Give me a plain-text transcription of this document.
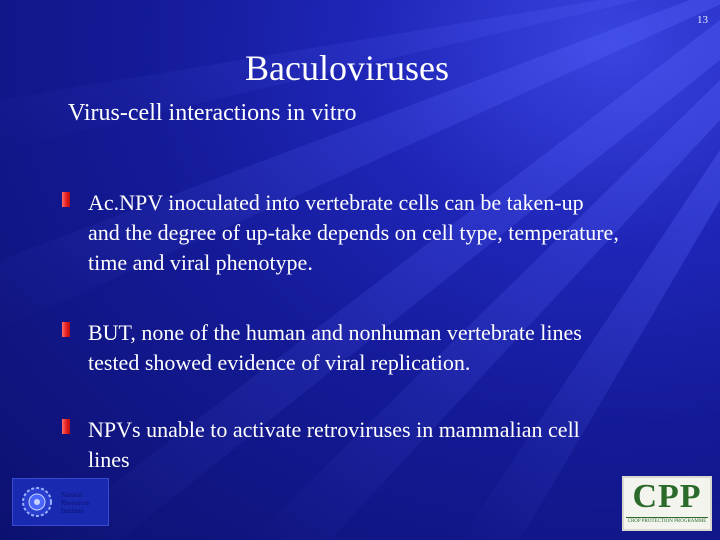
13
Baculoviruses
Virus-cell interactions in vitro
Ac.NPV inoculated into vertebrate cells can be taken-up and the degree of up-take depends on cell type, temperature, time and viral phenotype.
BUT, none of the human and nonhuman vertebrate lines tested showed evidence of viral replication.
NPVs unable to activate retroviruses in mammalian cell lines
Natural Resources Institute	CPP
CROP PROTECTION PROGRAMME
